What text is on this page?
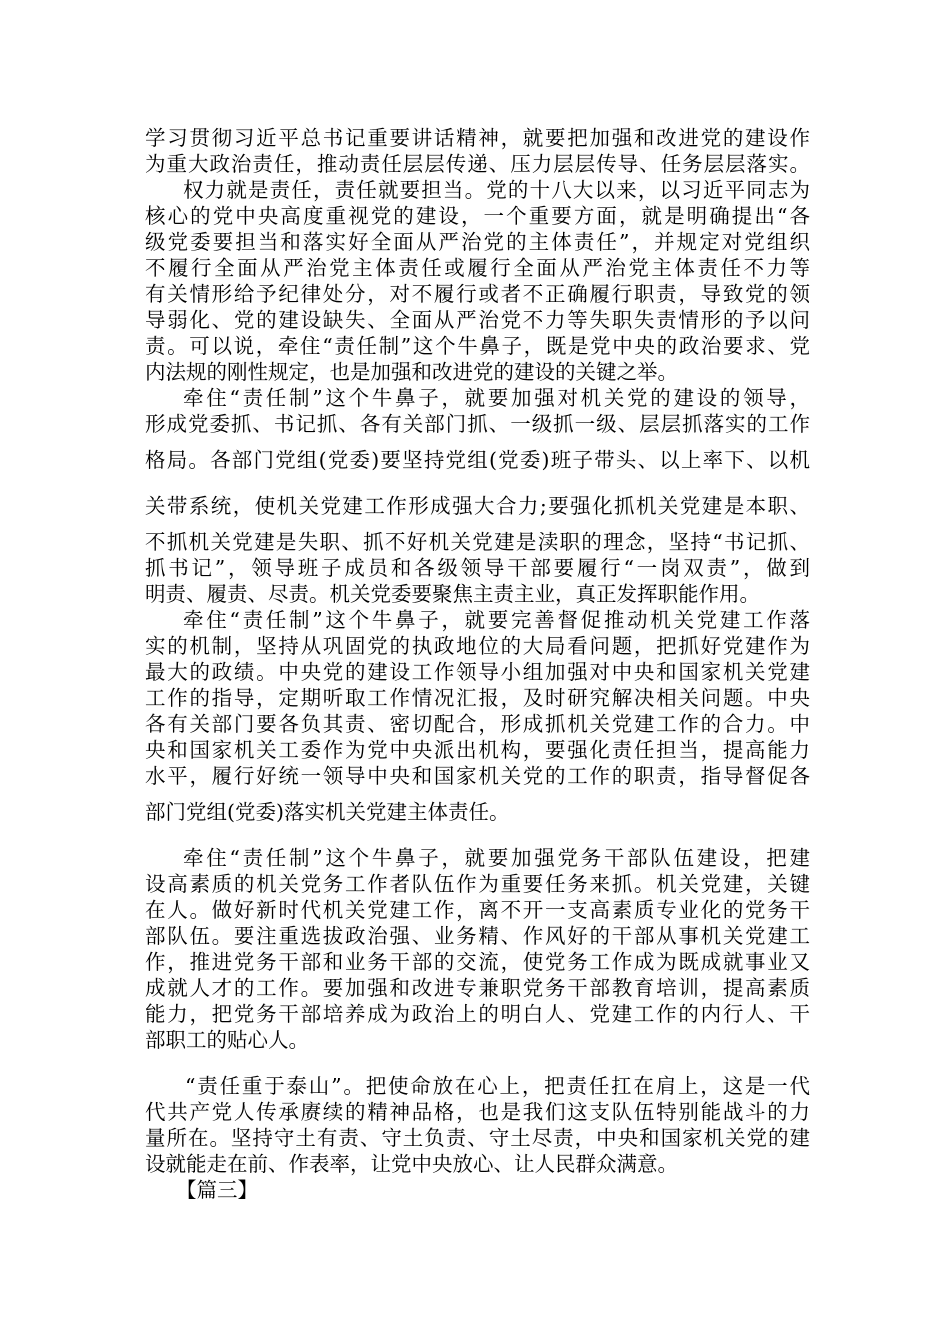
学习贯彻习近平总书记重要讲话精神，就要把加强和改进党的建设作

为重大政治责任，推动责任层层传递、压力层层传导、任务层层落实。

权力就是责任，责任就要担当。党的十八大以来，以习近平同志为

核心的党中央高度重视党的建设，一个重要方面，就是明确提出“各

级党委要担当和落实好全面从严治党的主体责任”，并规定对党组织

不履行全面从严治党主体责任或履行全面从严治党主体责任不力等

有关情形给予纪律处分，对不履行或者不正确履行职责，导致党的领

导弱化、党的建设缺失、全面从严治党不力等失职失责情形的予以问

责。可以说，牵住“责任制”这个牛鼻子，既是党中央的政治要求、党

内法规的刚性规定，也是加强和改进党的建设的关键之举。

牵住“责任制”这个牛鼻子，就要加强对机关党的建设的领导，

形成党委抓、书记抓、各有关部门抓、一级抓一级、层层抓落实的工作

格局。各部门党组(党委)要坚持党组(党委)班子带头、以上率下、以机

关带系统，使机关党建工作形成强大合力;要强化抓机关党建是本职、

不抓机关党建是失职、抓不好机关党建是渎职的理念，坚持“书记抓、

抓书记”，领导班子成员和各级领导干部要履行“一岗双责”，做到

明责、履责、尽责。机关党委要聚焦主责主业，真正发挥职能作用。

牵住“责任制”这个牛鼻子，就要完善督促推动机关党建工作落

实的机制，坚持从巩固党的执政地位的大局看问题，把抓好党建作为

最大的政绩。中央党的建设工作领导小组加强对中央和国家机关党建

工作的指导，定期听取工作情况汇报，及时研究解决相关问题。中央

各有关部门要各负其责、密切配合，形成抓机关党建工作的合力。中

央和国家机关工委作为党中央派出机构，要强化责任担当，提高能力

水平，履行好统一领导中央和国家机关党的工作的职责，指导督促各

部门党组(党委)落实机关党建主体责任。

牵住“责任制”这个牛鼻子，就要加强党务干部队伍建设，把建

设高素质的机关党务工作者队伍作为重要任务来抓。机关党建，关键

在人。做好新时代机关党建工作，离不开一支高素质专业化的党务干

部队伍。要注重选拔政治强、业务精、作风好的干部从事机关党建工

作，推进党务干部和业务干部的交流，使党务工作成为既成就事业又

成就人才的工作。要加强和改进专兼职党务干部教育培训，提高素质

能力，把党务干部培养成为政治上的明白人、党建工作的内行人、干

部职工的贴心人。

“责任重于泰山”。把使命放在心上，把责任扛在肩上，这是一代

代共产党人传承赓续的精神品格，也是我们这支队伍特别能战斗的力

量所在。坚持守土有责、守土负责、守土尽责，中央和国家机关党的建

设就能走在前、作表率，让党中央放心、让人民群众满意。

【篇三】
